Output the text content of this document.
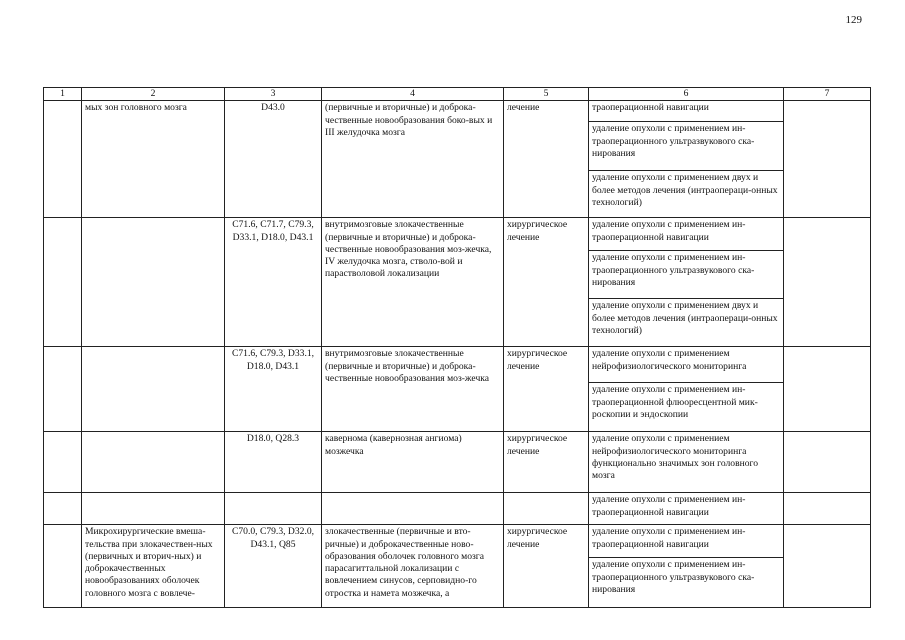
129
1	2	3	4	5	6	7
	мых зон головного мозга	D43.0	(первичные и вторичные) и доброка-чественные новообразования боко-вых и III желудочка мозга	лечение	траоперационной навигации	
					удаление опухоли с применением ин-траоперационного ультразвукового ска-нирования	
					удаление опухоли с применением двух и более методов лечения (интраопераци-онных технологий)	
		C71.6, C71.7, C79.3, D33.1, D18.0, D43.1	внутримозговые злокачественные (первичные и вторичные) и доброка-чественные новообразования моз-жечка, IV желудочка мозга, стволо-вой и парастволовой локализации	хирургическое лечение	удаление опухоли с применением ин-траоперационной навигации	
					удаление опухоли с применением ин-траоперационного ультразвукового ска-нирования	
					удаление опухоли с применением двух и более методов лечения (интраопераци-онных технологий)	
		C71.6, C79.3, D33.1, D18.0, D43.1	внутримозговые злокачественные (первичные и вторичные) и доброка-чественные новообразования моз-жечка	хирургическое лечение	удаление опухоли с применением нейрофизиологического мониторинга	
					удаление опухоли с применением ин-траоперационной флюоресцентной мик-роскопии и эндоскопии	
		D18.0, Q28.3	кавернома (кавернозная ангиома) мозжечка	хирургическое лечение	удаление опухоли с применением нейрофизиологического мониторинга функционально значимых зон головного мозга	
					удаление опухоли с применением ин-траоперационной навигации	
	Микрохирургические вмеша-тельства при злокачествен-ных (первичных и вторич-ных) и доброкачественных новообразованиях оболочек головного мозга с вовлече-	C70.0, C79.3, D32.0, D43.1, Q85	злокачественные (первичные и вто-ричные) и доброкачественные ново-образования оболочек головного мозга парасагиттальной локализации с вовлечением синусов, серповидно-го отростка и намета мозжечка, а	хирургическое лечение	удаление опухоли с применением ин-траоперационной навигации	
					удаление опухоли с применением ин-траоперационного ультразвукового ска-нирования	
